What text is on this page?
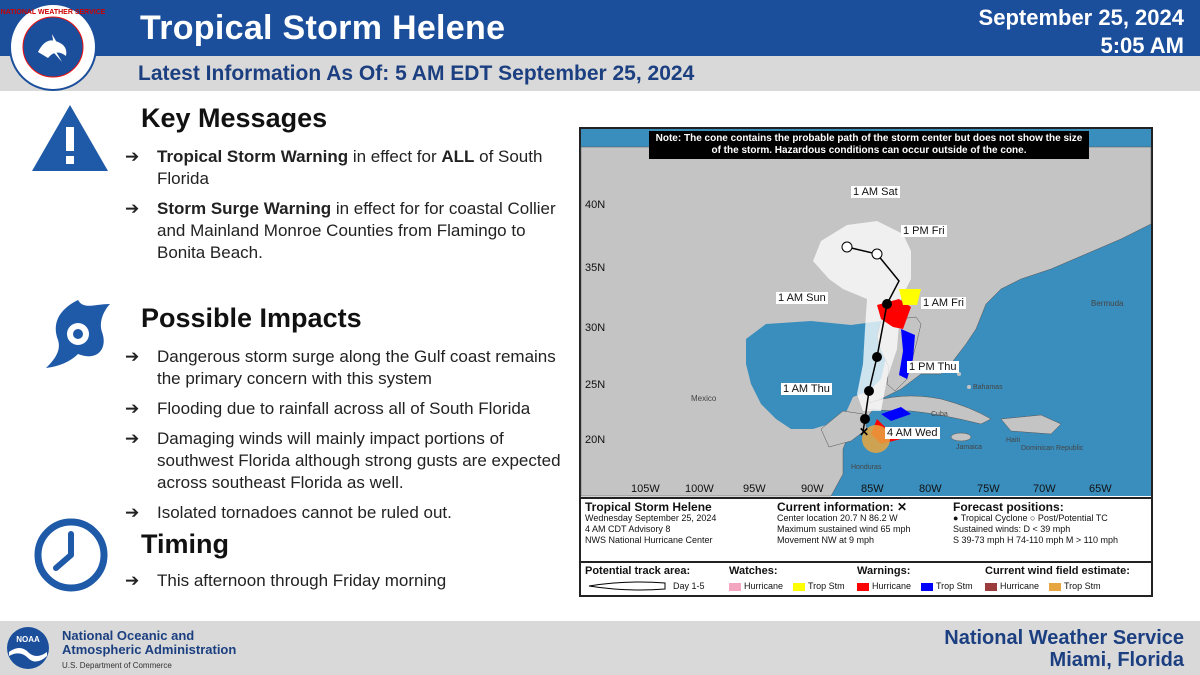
NATIONAL WEATHER SERVICE Tropical Storm Helene	September 25, 2024
5:05 AM
Latest Information As Of: 5 AM EDT September 25, 2024
Key Messages
➔ Tropical Storm Warning in effect for ALL of South Florida
➔ Storm Surge Warning in effect for for coastal Collier and Mainland Monroe Counties from Flamingo to Bonita Beach.
Possible Impacts
➔ Dangerous storm surge along the Gulf coast remains the primary concern with this system
➔ Flooding due to rainfall across all of South Florida
➔ Damaging winds will mainly impact portions of southwest Florida although strong gusts are expected across southeast Florida as well.
➔ Isolated tornadoes cannot be ruled out.
Timing
➔ This afternoon through Friday morning
✕
Note: The cone contains the probable path of the storm center but does not show the size of the storm. Hazardous conditions can occur outside of the cone.
40N
35N
30N
25N
20N
105W 100W	95W	90W	85W	80W	75W	70W	65W
1 AM Sat
1 PM Fri
1 AM Sun	1 AM Fri
1 PM Thu
1 AM Thu
4 AM Wed
Mexico
Bermuda
Bahamas
Cuba
Dominican Republic
Haiti
Jamaica
Honduras
Tropical Storm Helene
Wednesday September 25, 2024
4 AM CDT Advisory 8
NWS National Hurricane Center
Current information: ✕
Center location 20.7 N 86.2 W
Maximum sustained wind 65 mph
Movement NW at 9 mph
Forecast positions:
● Tropical Cyclone ○ Post/Potential TC
Sustained winds: D < 39 mph
S 39-73 mph H 74-110 mph M > 110 mph
Potential track area:
Day 1-5
Watches:
Hurricane	Trop Stm
Warnings:
Hurricane	Trop Stm
Current wind field estimate:
Hurricane	Trop Stm
NOAA National Oceanic and
Atmospheric Administration
U.S. Department of Commerce
National Weather Service
Miami, Florida
